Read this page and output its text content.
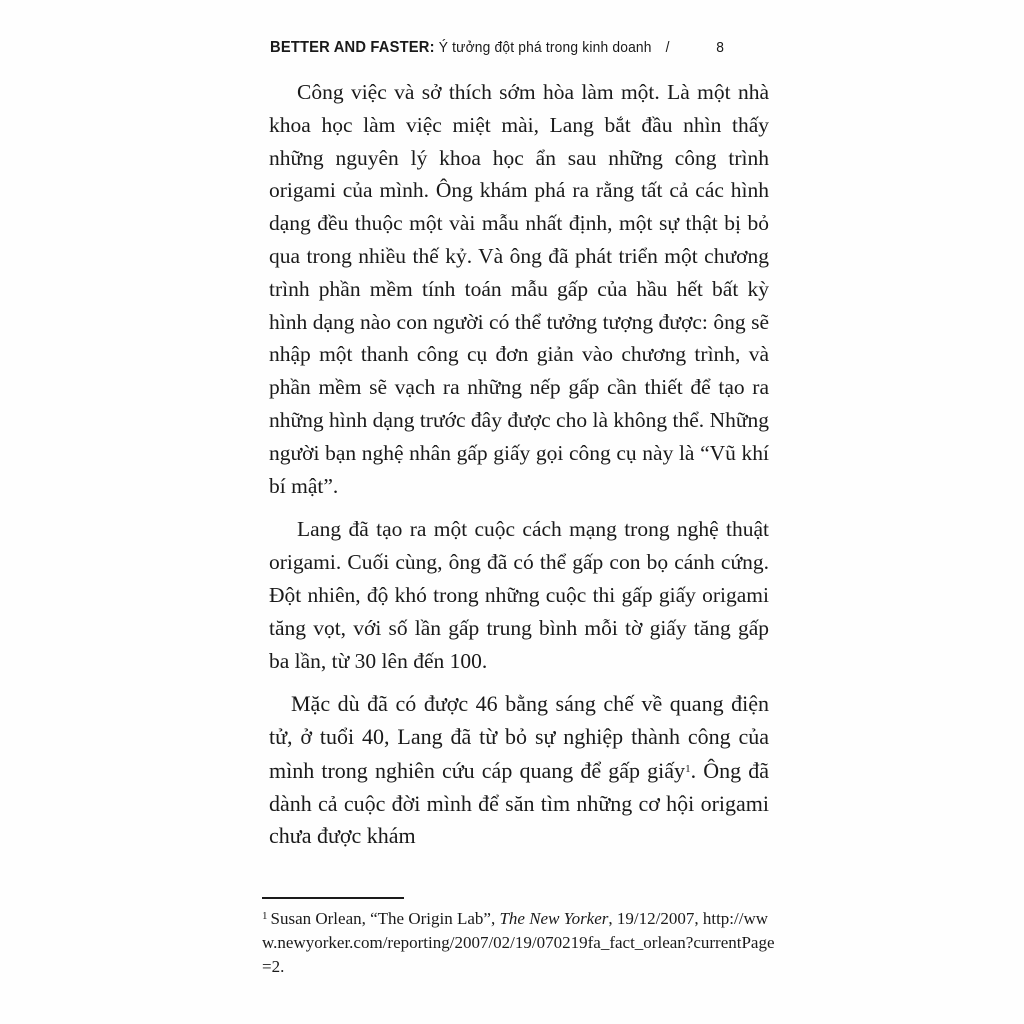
BETTER AND FASTER: Ý tưởng đột phá trong kinh doanh /	8

Công việc và sở thích sớm hòa làm một. Là một nhà khoa học làm việc miệt mài, Lang bắt đầu nhìn thấy những nguyên lý khoa học ẩn sau những công trình origami của mình. Ông khám phá ra rằng tất cả các hình dạng đều thuộc một vài mẫu nhất định, một sự thật bị bỏ qua trong nhiều thế kỷ. Và ông đã phát triển một chương trình phần mềm tính toán mẫu gấp của hầu hết bất kỳ hình dạng nào con người có thể tưởng tượng được: ông sẽ nhập một thanh công cụ đơn giản vào chương trình, và phần mềm sẽ vạch ra những nếp gấp cần thiết để tạo ra những hình dạng trước đây được cho là không thể. Những người bạn nghệ nhân gấp giấy gọi công cụ này là “Vũ khí bí mật”.

Lang đã tạo ra một cuộc cách mạng trong nghệ thuật origami. Cuối cùng, ông đã có thể gấp con bọ cánh cứng. Đột nhiên, độ khó trong những cuộc thi gấp giấy origami tăng vọt, với số lần gấp trung bình mỗi tờ giấy tăng gấp ba lần, từ 30 lên đến 100.

Mặc dù đã có được 46 bằng sáng chế về quang điện tử, ở tuổi 40, Lang đã từ bỏ sự nghiệp thành công của mình trong nghiên cứu cáp quang để gấp giấy$^1$. Ông đã dành cả cuộc đời mình để săn tìm những cơ hội origami chưa được khám

$^1$ Susan Orlean, “The Origin Lab”, The New Yorker, 19/12/2007, http://www.newyorker.com/reporting/2007/02/19/070219fa_fact_orlean?currentPage=2.
